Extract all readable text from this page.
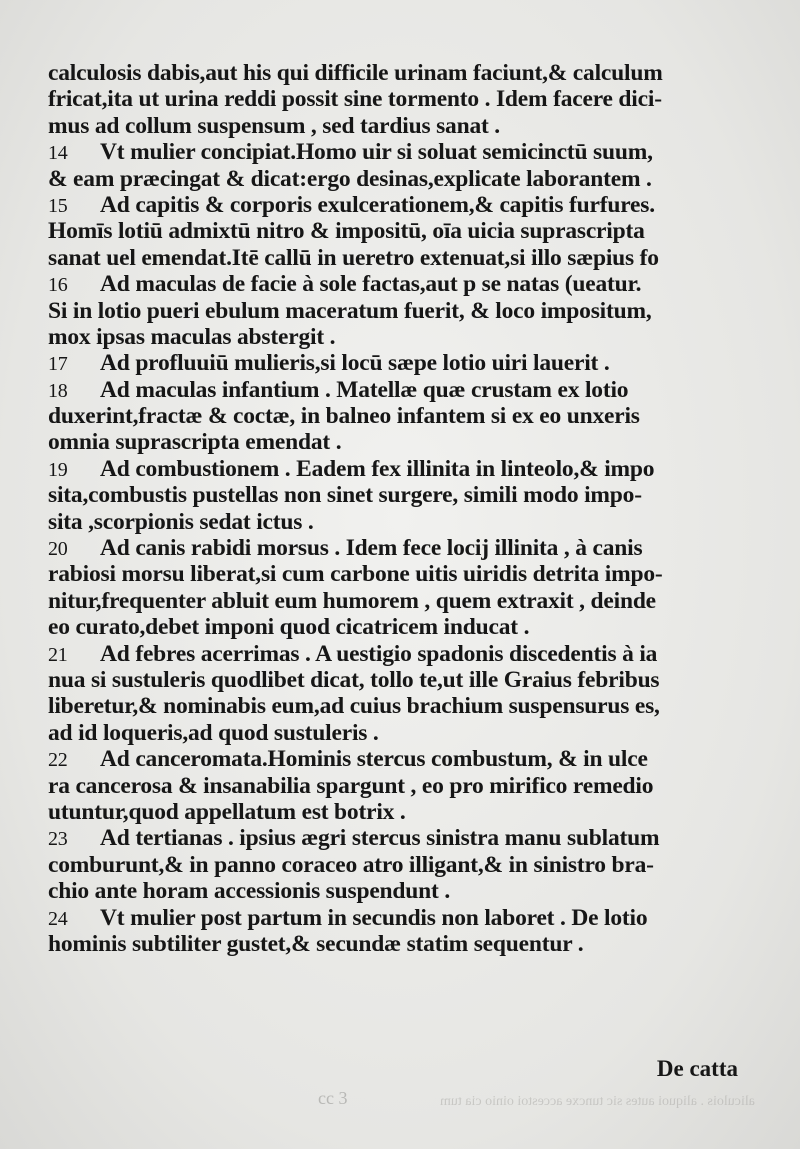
calculosis dabis,aut his qui difficile urinam faciunt,& calculum
fricat,ita ut urina reddi possit sine tormento . Idem facere dici-
mus ad collum suspensum , sed tardius sanat .
14 Vt mulier concipiat.Homo uir si soluat semicinctū suum,
& eam præcingat & dicat:ergo desinas,explicate laborantem .
15 Ad capitis & corporis exulcerationem,& capitis furfures.
Homīs lotiū admixtū nitro & impositū, oīa uicia suprascripta
sanat uel emendat.Itē callū in ueretro extenuat,si illo sæpius fo
16 Ad maculas de facie à sole factas,aut p se natas (ueatur.
Si in lotio pueri ebulum maceratum fuerit, & loco impositum,
mox ipsas maculas abstergit .
17 Ad profluuiū mulieris,si locū sæpe lotio uiri lauerit .
18 Ad maculas infantium . Matellæ quæ crustam ex lotio
duxerint,fractæ & coctæ, in balneo infantem si ex eo unxeris
omnia suprascripta emendat .
19 Ad combustionem . Eadem fex illinita in linteolo,& impo
sita,combustis pustellas non sinet surgere, simili modo impo-
sita ,scorpionis sedat ictus .
20 Ad canis rabidi morsus . Idem fece locij illinita , à canis
rabiosi morsu liberat,si cum carbone uitis uiridis detrita impo-
nitur,frequenter abluit eum humorem , quem extraxit , deinde
eo curato,debet imponi quod cicatricem inducat .
21 Ad febres acerrimas . A uestigio spadonis discedentis à ia
nua si sustuleris quodlibet dicat, tollo te,ut ille Graius febribus
liberetur,& nominabis eum,ad cuius brachium suspensurus es,
ad id loqueris,ad quod sustuleris .
22 Ad canceromata.Hominis stercus combustum, & in ulce
ra cancerosa & insanabilia spargunt , eo pro mirifico remedio
utuntur,quod appellatum est botrix .
23 Ad tertianas . ipsius ægri stercus sinistra manu sublatum
comburunt,& in panno coraceo atro illigant,& in sinistro bra-
chio ante horam accessionis suspendunt .
24 Vt mulier post partum in secundis non laboret . De lotio
hominis subtiliter gustet,& secundæ statim sequentur .
De catta
cc 3	aliculois . aliquoi autes sic tuncxe accestoi oinio cia tum
